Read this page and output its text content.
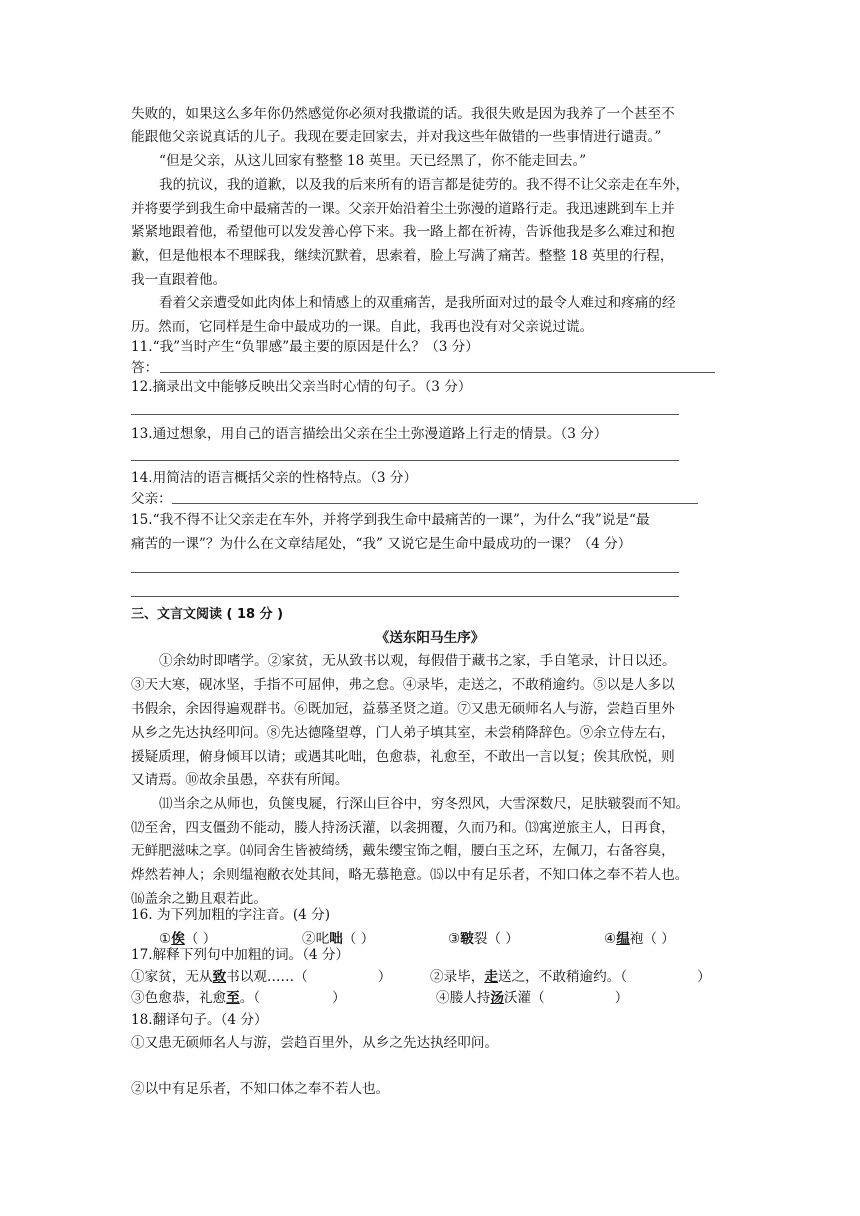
失败的，如果这么多年你仍然感觉你必须对我撒谎的话。我很失败是因为我养了一个甚至不
能跟他父亲说真话的儿子。我现在要走回家去，并对我这些年做错的一些事情进行谴责。”
“但是父亲，从这儿回家有整整 18 英里。天已经黑了，你不能走回去。”
我的抗议，我的道歉，以及我的后来所有的语言都是徒劳的。我不得不让父亲走在车外，
并将要学到我生命中最痛苦的一课。父亲开始沿着尘土弥漫的道路行走。我迅速跳到车上并
紧紧地跟着他，希望他可以发发善心停下来。我一路上都在祈祷，告诉他我是多么难过和抱
歉，但是他根本不理睬我，继续沉默着，思索着，脸上写满了痛苦。整整 18 英里的行程，
我一直跟着他。
看着父亲遭受如此肉体上和情感上的双重痛苦，是我所面对过的最令人难过和疼痛的经
历。然而，它同样是生命中最成功的一课。自此，我再也没有对父亲说过谎。
11.“我”当时产生“负罪感”最主要的原因是什么？（3 分）
答：
12.摘录出文中能够反映出父亲当时心情的句子。（3 分）
13.通过想象，用自己的语言描绘出父亲在尘土弥漫道路上行走的情景。（3 分）
14.用简洁的语言概括父亲的性格特点。（3 分）
父亲：
15.“我不得不让父亲走在车外，并将学到我生命中最痛苦的一课”，为什么“我”说是“最
痛苦的一课”？为什么在文章结尾处，“我” 又说它是生命中最成功的一课？（4 分）
三、文言文阅读 ( 18 分 )
《送东阳马生序》
①余幼时即嗜学。②家贫，无从致书以观，每假借于藏书之家，手自笔录，计日以还。
③天大寒，砚冰坚，手指不可屈伸，弗之怠。④录毕，走送之，不敢稍逾约。⑤以是人多以
书假余，余因得遍观群书。⑥既加冠，益慕圣贤之道。⑦又患无硕师名人与游，尝趋百里外
从乡之先达执经叩问。⑧先达德隆望尊，门人弟子填其室，未尝稍降辞色。⑨余立侍左右，
援疑质理，俯身倾耳以请；或遇其叱咄，色愈恭，礼愈至，不敢出一言以复；俟其欣悦，则
又请焉。⑩故余虽愚，卒获有所闻。
⑾当余之从师也，负箧曳屣，行深山巨谷中，穷冬烈风，大雪深数尺，足肤皲裂而不知。
⑿至舍，四支僵劲不能动，媵人持汤沃灌，以衾拥覆，久而乃和。⒀寓逆旅主人，日再食，
无鲜肥滋味之享。⒁同舍生皆被绮绣，戴朱缨宝饰之帽，腰白玉之环，左佩刀，右备容臭，
烨然若神人；余则缊袍敝衣处其间，略无慕艳意。⒂以中有足乐者，不知口体之奉不若人也。
⒃盖余之勤且艰若此。
16. 为下列加粗的字注音。(4 分)
①俟（ ）	②叱咄（ ）	③皲裂（ ）	④缊袍（ ）
17.解释下列句中加粗的词。（4 分）
①家贫，无从致书以观……（	）	②录毕，走送之，不敢稍逾约。（	）
③色愈恭，礼愈至。（	）	④媵人持汤沃灌（	）
18.翻译句子。（4 分）
①又患无硕师名人与游，尝趋百里外，从乡之先达执经叩问。
②以中有足乐者，不知口体之奉不若人也。
